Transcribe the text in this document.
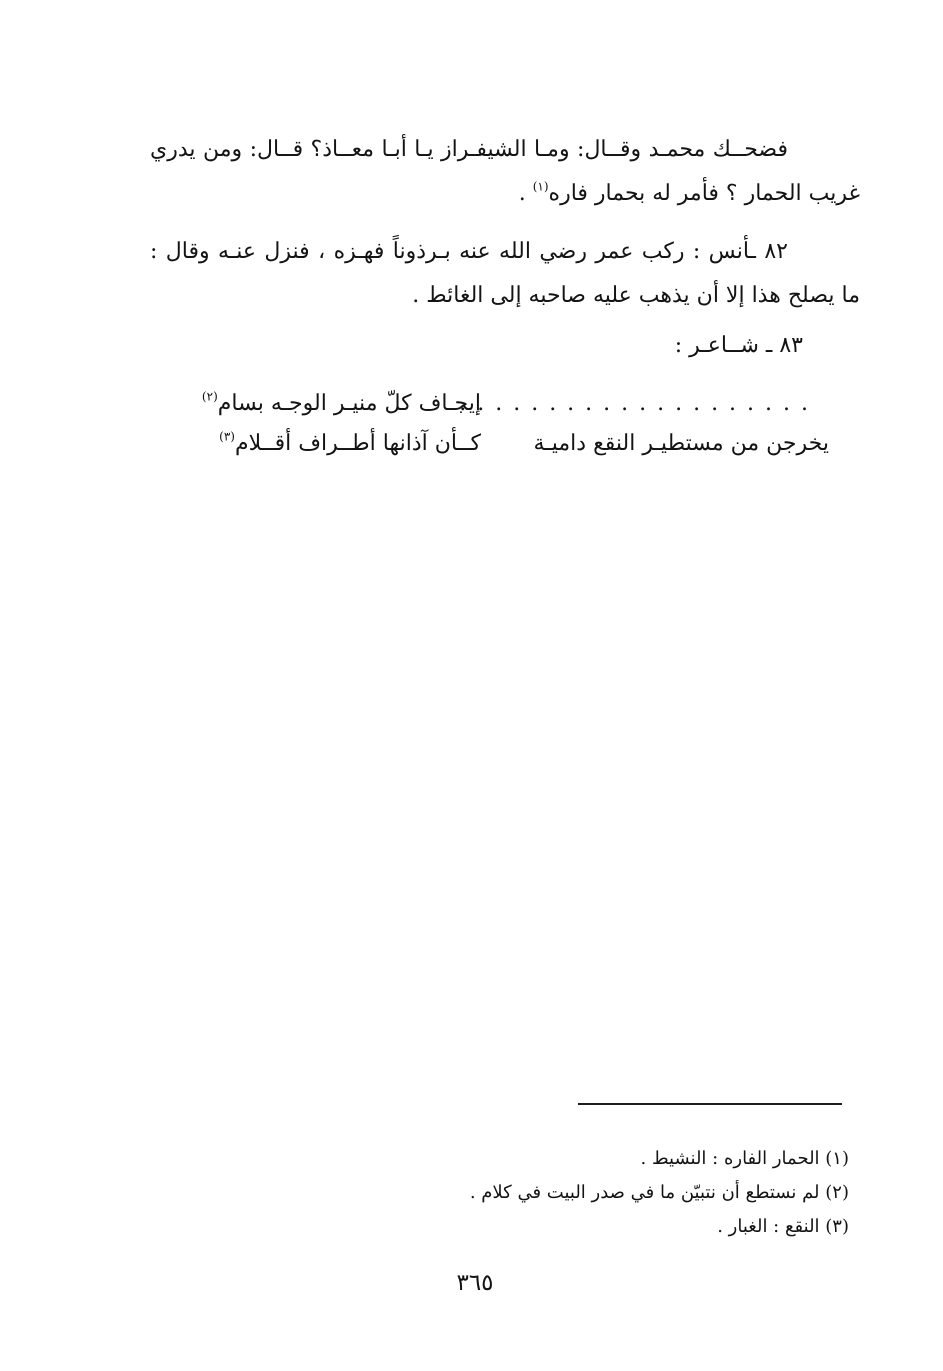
فضحــك محمـد وقــال: ومـا الشيفـراز يـا أبـا معــاذ؟ قــال: ومن يدري غريب الحمار ؟ فأمر له بحمار فاره$^{(١)}$ .
٨٢ ـأنس : ركب عمر رضي الله عنه بـرذوناً فهـزه ، فنزل عنـه وقال : ما يصلح هذا إلا أن يذهب عليه صاحبه إلى الغائط .
٨٣ ـ شــاعـر :
. . . . . . . . . . . . . . . . . . . .
إيجـاف كلّ منيـر الوجـه بسام$^{(٢)}$
يخرجن من مستطيـر النقع داميـة
كــأن آذانها أطــراف أقــلام$^{(٣)}$
(١) الحمار الفاره : النشيط .
(٢) لم نستطع أن نتبيّن ما في صدر البيت في كلام .
(٣) النقع : الغبار .
٣٦٥
